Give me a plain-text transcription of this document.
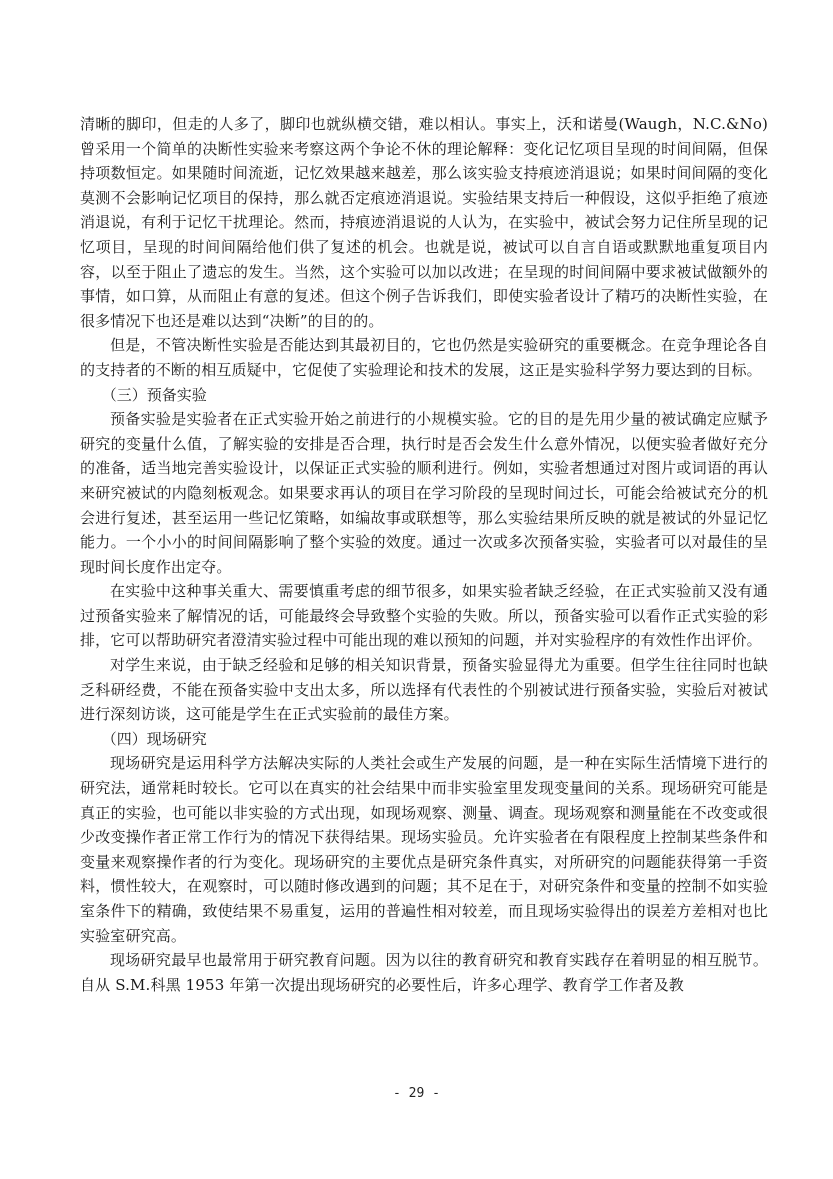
清晰的脚印，但走的人多了，脚印也就纵横交错，难以相认。事实上，沃和诺曼(Waugh，N.C.&No)曾采用一个简单的决断性实验来考察这两个争论不休的理论解释：变化记忆项目呈现的时间间隔，但保持项数恒定。如果随时间流逝，记忆效果越来越差，那么该实验支持痕迹消退说；如果时间间隔的变化莫测不会影响记忆项目的保持，那么就否定痕迹消退说。实验结果支持后一种假设，这似乎拒绝了痕迹消退说，有利于记忆干扰理论。然而，持痕迹消退说的人认为，在实验中，被试会努力记住所呈现的记忆项目，呈现的时间间隔给他们供了复述的机会。也就是说，被试可以自言自语或默默地重复项目内容，以至于阻止了遗忘的发生。当然，这个实验可以加以改进；在呈现的时间间隔中要求被试做额外的事情，如口算，从而阻止有意的复述。但这个例子告诉我们，即使实验者设计了精巧的决断性实验，在很多情况下也还是难以达到“决断”的目的的。

但是，不管决断性实验是否能达到其最初目的，它也仍然是实验研究的重要概念。在竞争理论各自的支持者的不断的相互质疑中，它促使了实验理论和技术的发展，这正是实验科学努力要达到的目标。

（三）预备实验

预备实验是实验者在正式实验开始之前进行的小规模实验。它的目的是先用少量的被试确定应赋予研究的变量什么值，了解实验的安排是否合理，执行时是否会发生什么意外情况，以便实验者做好充分的准备，适当地完善实验设计，以保证正式实验的顺利进行。例如，实验者想通过对图片或词语的再认来研究被试的内隐刻板观念。如果要求再认的项目在学习阶段的呈现时间过长，可能会给被试充分的机会进行复述，甚至运用一些记忆策略，如编故事或联想等，那么实验结果所反映的就是被试的外显记忆能力。一个小小的时间间隔影响了整个实验的效度。通过一次或多次预备实验，实验者可以对最佳的呈现时间长度作出定夺。

在实验中这种事关重大、需要慎重考虑的细节很多，如果实验者缺乏经验，在正式实验前又没有通过预备实验来了解情况的话，可能最终会导致整个实验的失败。所以，预备实验可以看作正式实验的彩排，它可以帮助研究者澄清实验过程中可能出现的难以预知的问题，并对实验程序的有效性作出评价。

对学生来说，由于缺乏经验和足够的相关知识背景，预备实验显得尤为重要。但学生往往同时也缺乏科研经费，不能在预备实验中支出太多，所以选择有代表性的个别被试进行预备实验，实验后对被试进行深刻访谈，这可能是学生在正式实验前的最佳方案。

（四）现场研究

现场研究是运用科学方法解决实际的人类社会或生产发展的问题，是一种在实际生活情境下进行的研究法，通常耗时较长。它可以在真实的社会结果中而非实验室里发现变量间的关系。现场研究可能是真正的实验，也可能以非实验的方式出现，如现场观察、测量、调查。现场观察和测量能在不改变或很少改变操作者正常工作行为的情况下获得结果。现场实验员。允许实验者在有限程度上控制某些条件和变量来观察操作者的行为变化。现场研究的主要优点是研究条件真实，对所研究的问题能获得第一手资料，惯性较大，在观察时，可以随时修改遇到的问题；其不足在于，对研究条件和变量的控制不如实验室条件下的精确，致使结果不易重复，运用的普遍性相对较差，而且现场实验得出的误差方差相对也比实验室研究高。

现场研究最早也最常用于研究教育问题。因为以往的教育研究和教育实践存在着明显的相互脱节。自从 S.M.科黑 1953 年第一次提出现场研究的必要性后，许多心理学、教育学工作者及教

- 29 -
